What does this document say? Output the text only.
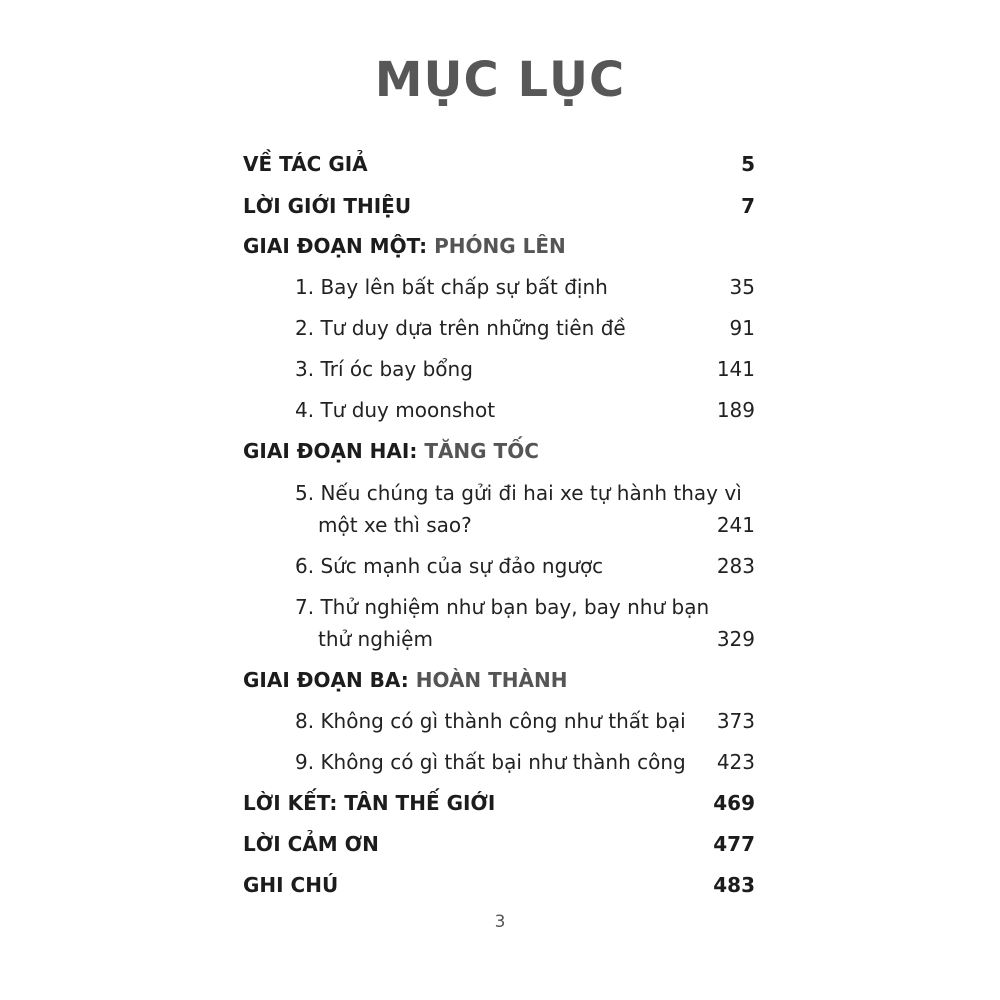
MỤC LỤC
VỀ TÁC GIẢ	5
LỜI GIỚI THIỆU	7
GIAI ĐOẠN MỘT: PHÓNG LÊN
1. Bay lên bất chấp sự bất định	35
2. Tư duy dựa trên những tiên đề	91
3. Trí óc bay bổng	141
4. Tư duy moonshot	189
GIAI ĐOẠN HAI: TĂNG TỐC
5. Nếu chúng ta gửi đi hai xe tự hành thay vì
một xe thì sao?	241
6. Sức mạnh của sự đảo ngược	283
7. Thử nghiệm như bạn bay, bay như bạn
thử nghiệm	329
GIAI ĐOẠN BA: HOÀN THÀNH
8. Không có gì thành công như thất bại 373
9. Không có gì thất bại như thành công 423
LỜI KẾT: TÂN THẾ GIỚI	469
LỜI CẢM ƠN	477
GHI CHÚ	483
3
